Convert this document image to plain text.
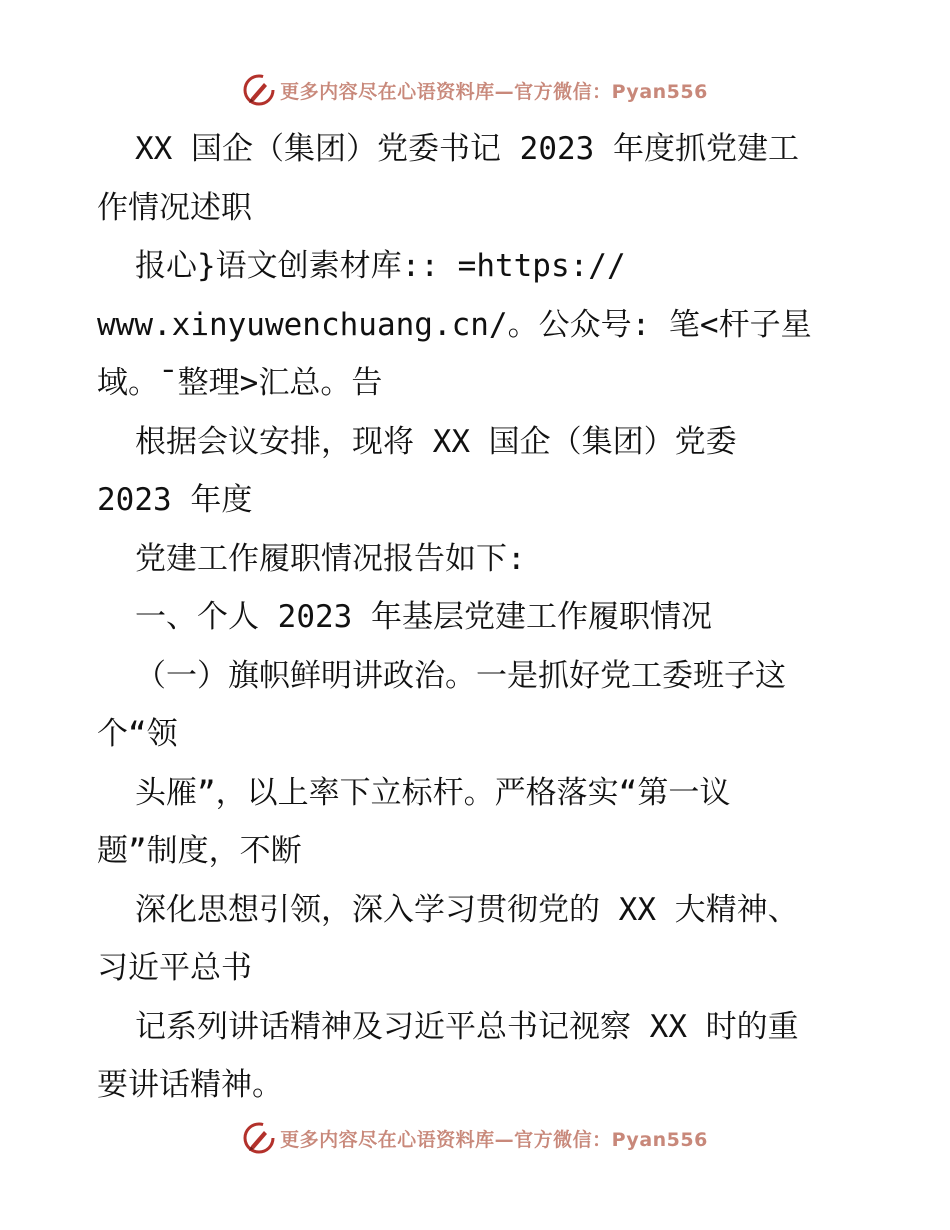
更多内容尽在心语资料库—官方微信：Pyan556
XX 国企（集团）党委书记 2023 年度抓党建工
作情况述职
报心}语文创素材库:: =https://
www.xinyuwenchuang.cn/。公众号: 笔<杆子星
域。¯整理>汇总。告
根据会议安排，现将 XX 国企（集团）党委
2023 年度
党建工作履职情况报告如下:
一、个人 2023 年基层党建工作履职情况
（一）旗帜鲜明讲政治。一是抓好党工委班子这
个“领
头雁”，以上率下立标杆。严格落实“第一议
题”制度，不断
深化思想引领，深入学习贯彻党的 XX 大精神、
习近平总书
记系列讲话精神及习近平总书记视察 XX 时的重
要讲话精神。
更多内容尽在心语资料库—官方微信：Pyan556
